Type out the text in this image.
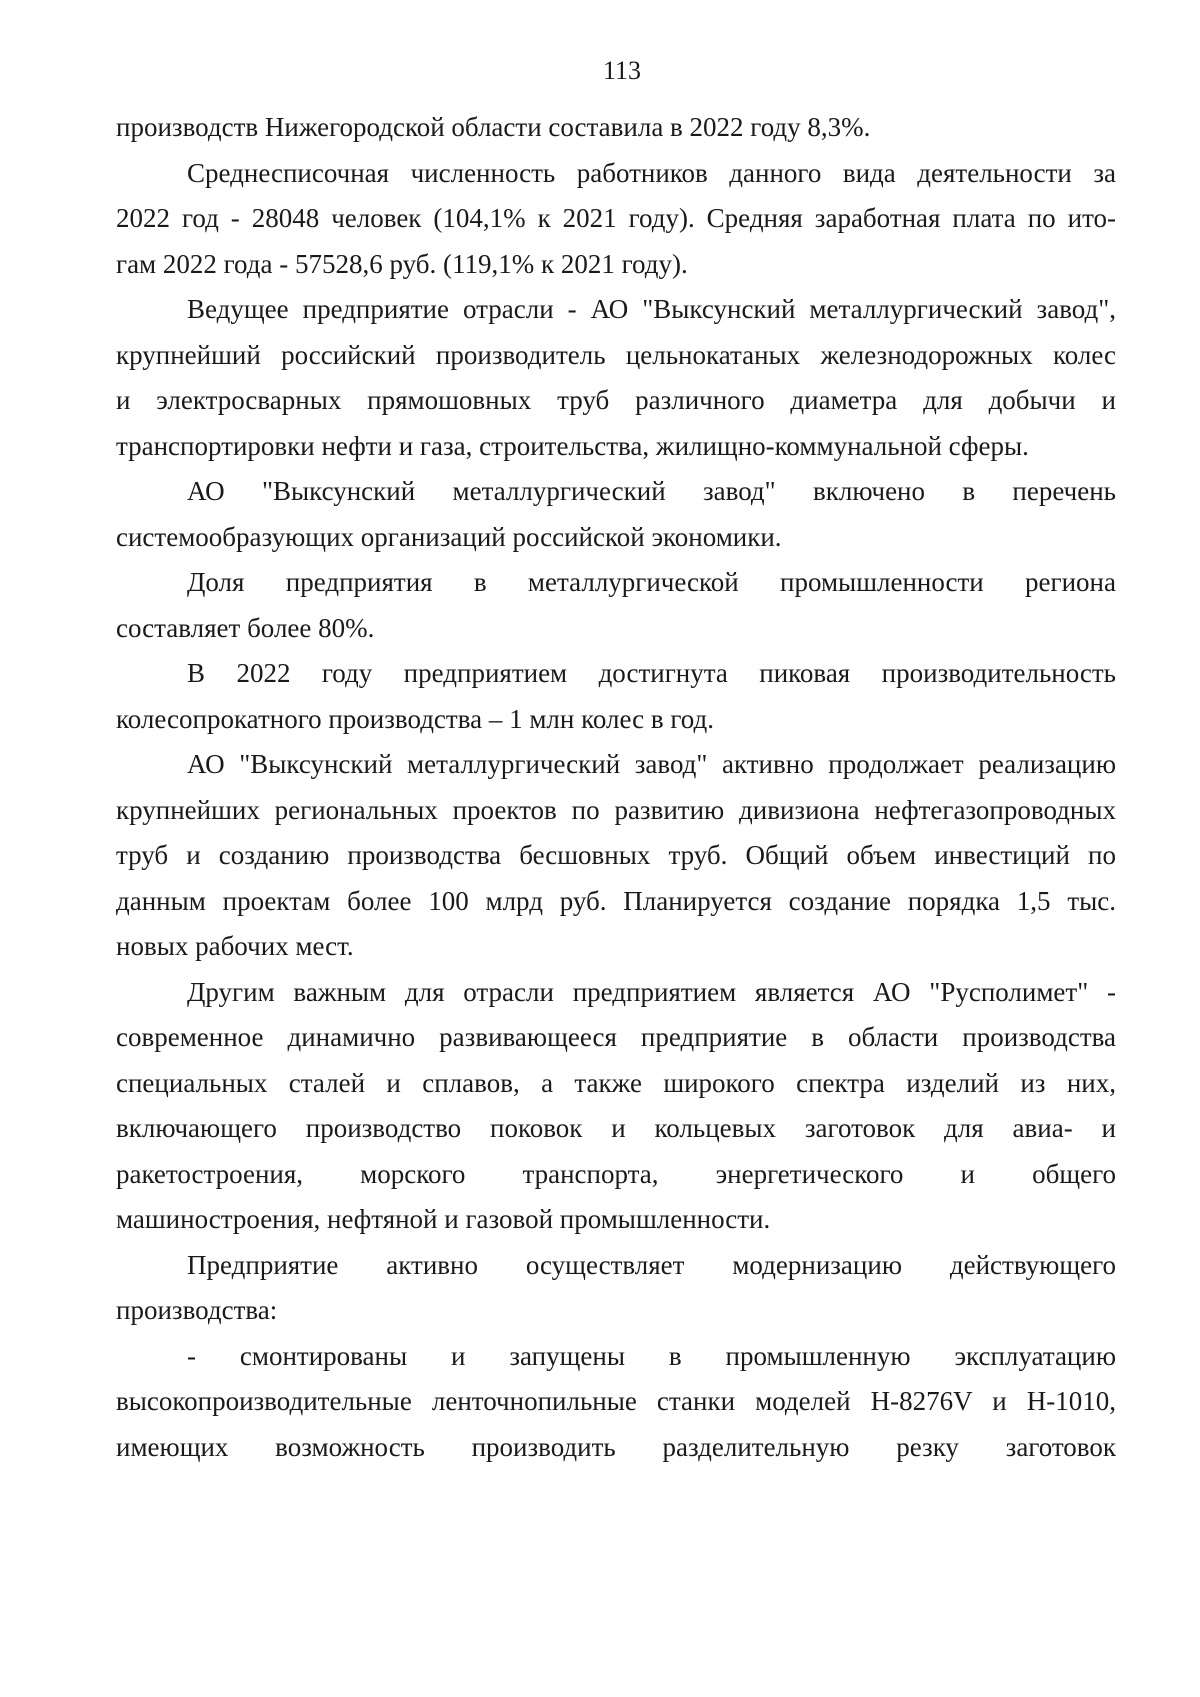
113
производств Нижегородской области составила в 2022 году 8,3%.
Среднесписочная численность работников данного вида деятельности за
2022 год - 28048 человек (104,1% к 2021 году). Средняя заработная плата по ито-
гам 2022 года - 57528,6 руб. (119,1% к 2021 году).
Ведущее предприятие отрасли - АО "Выксунский металлургический завод",
крупнейший российский производитель цельнокатаных железнодорожных колес
и электросварных прямошовных труб различного диаметра для добычи и
транспортировки нефти и газа, строительства, жилищно-коммунальной сферы.
АО "Выксунский металлургический завод" включено в перечень
системообразующих организаций российской экономики.
Доля предприятия в металлургической промышленности региона
составляет более 80%.
В 2022 году предприятием достигнута пиковая производительность
колесопрокатного производства – 1 млн колес в год.
АО "Выксунский металлургический завод" активно продолжает реализацию
крупнейших региональных проектов по развитию дивизиона нефтегазопроводных
труб и созданию производства бесшовных труб. Общий объем инвестиций по
данным проектам более 100 млрд руб. Планируется создание порядка 1,5 тыс.
новых рабочих мест.
Другим важным для отрасли предприятием является АО "Русполимет" -
современное динамично развивающееся предприятие в области производства
специальных сталей и сплавов, а также широкого спектра изделий из них,
включающего производство поковок и кольцевых заготовок для авиа- и
ракетостроения, морского транспорта, энергетического и общего
машиностроения, нефтяной и газовой промышленности.
Предприятие активно осуществляет модернизацию действующего
производства:
- смонтированы и запущены в промышленную эксплуатацию
высокопроизводительные ленточнопильные станки моделей H-8276V и H-1010,
имеющих возможность производить разделительную резку заготовок
